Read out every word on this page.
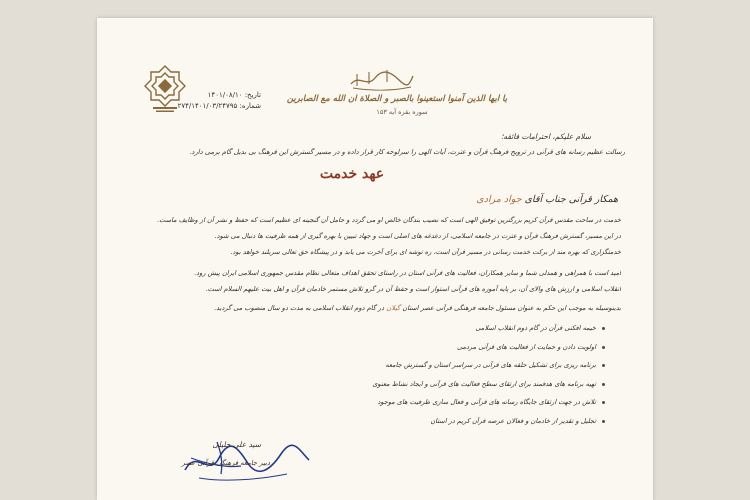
تاریخ: ۱۴۰۱/۰۸/۱۰
شماره: ۲۷۴/۱۴۰۱/۰۳/۲۴۷۹۵
یا ایها الذین آمنوا استعینوا بالصبر و الصلاة ان الله مع الصابرین
سوره بقره آیه ۱۵۳
سلام علیکم، احترامات فائقه؛
رسالت عظیم رسانه های قرآنی در ترویج فرهنگ قرآن و عترت، آیات الهی را سرلوحه کار قرار داده و در مسیر گسترش این فرهنگ بی بدیل گام برمی دارد.
عهد خدمت
همکار قرآنی جناب آقای جواد مرادی
خدمت در ساحت مقدس قرآن کریم بزرگترین توفیق الهی است که نصیب بندگان خالص او می گردد و حامل آن گنجینه ای عظیم است که حفظ و نشر آن از وظایف ماست.
در این مسیر، گسترش فرهنگ قرآن و عترت در جامعه اسلامی، از دغدغه های اصلی است و جهاد تبیین با بهره گیری از همه ظرفیت ها دنبال می شود.
خدمتگزاری که بهره مند از برکت خدمت رسانی در مسیر قرآن است، ره توشه ای برای آخرت می یابد و در پیشگاه حق تعالی سربلند خواهد بود.
امید است با همراهی و همدلی شما و سایر همکاران، فعالیت های قرآنی استان در راستای تحقق اهداف متعالی نظام مقدس جمهوری اسلامی ایران پیش رود.
انقلاب اسلامی و ارزش های والای آن، بر پایه آموزه های قرآنی استوار است و حفظ آن در گرو تلاش مستمر خادمان قرآن و اهل بیت علیهم السلام است.
بدینوسیله به موجب این حکم به عنوان مسئول جامعه فرهنگی قرآنی عصر استان گیلان در گام دوم انقلاب اسلامی به مدت دو سال منصوب می گردید.
خیمه افکنی قرآن در گام دوم انقلاب اسلامی
اولویت دادن و حمایت از فعالیت های قرآنی مردمی
برنامه ریزی برای تشکیل حلقه های قرآنی در سراسر استان و گسترش جامعه
تهیه برنامه های هدفمند برای ارتقای سطح فعالیت های قرآنی و ایجاد نشاط معنوی
تلاش در جهت ارتقای جایگاه رسانه های قرآنی و فعال سازی ظرفیت های موجود
تجلیل و تقدیر از خادمان و فعالان عرصه قرآن کریم در استان
سید علی جلیلی
دبیر جامعه فرهنگی قرآنی عصر
